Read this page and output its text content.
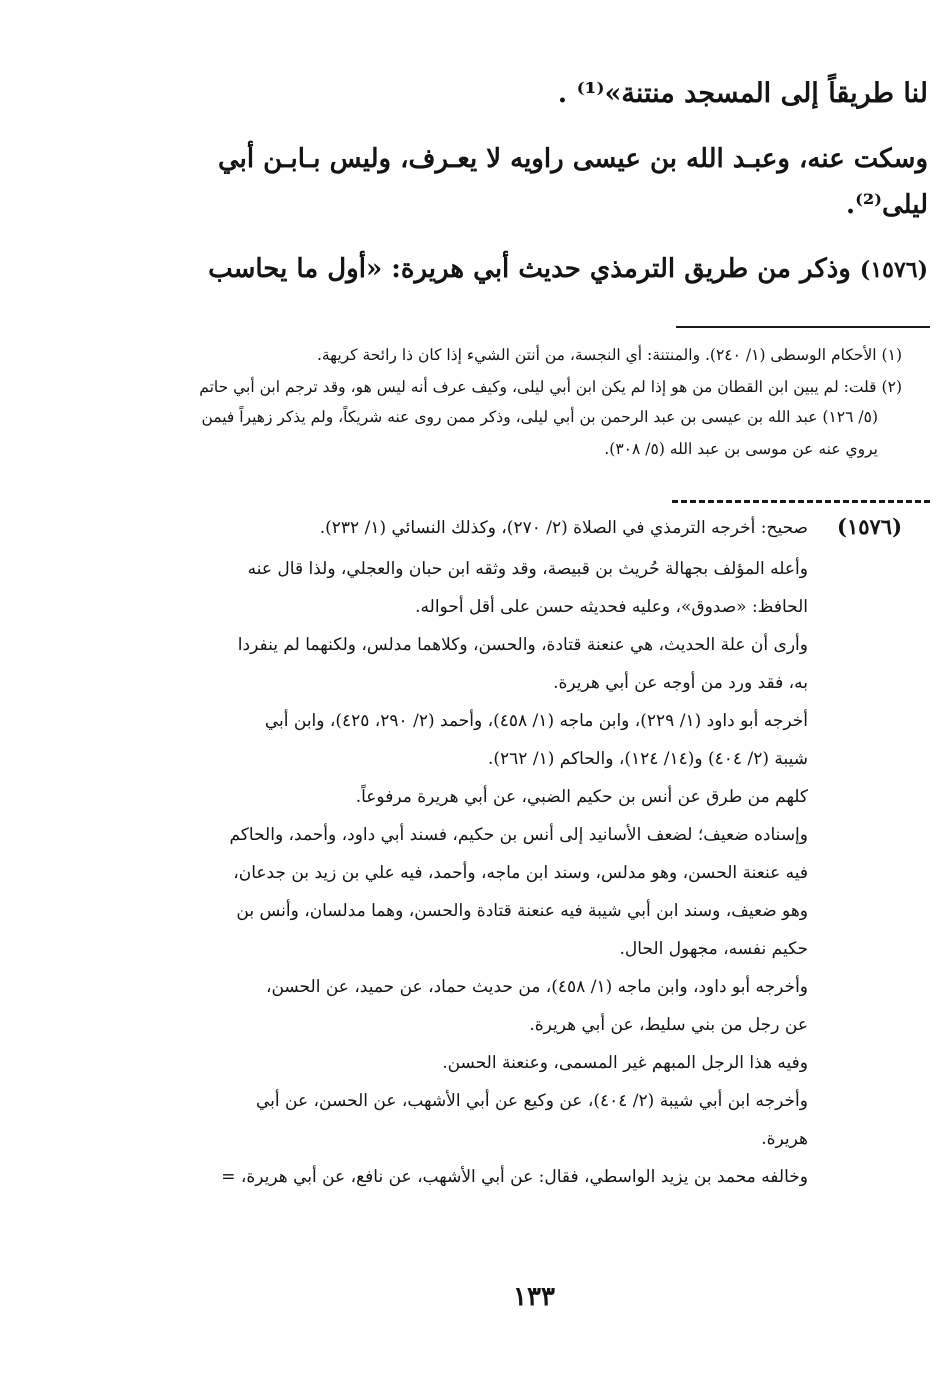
لنا طريقاً إلى المسجد منتنة»⁽¹⁾ .
وسكت عنه، وعبـد الله بن عيسى راويه لا يعـرف، وليس بـابـن أبي
ليلى⁽²⁾.
(١٥٧٦) وذكر من طريق الترمذي حديث أبي هريرة: «أول ما يحاسب
(١) الأحكام الوسطى (١/ ٢٤٠). والمنتنة: أي النجسة، من أنتن الشيء إذا كان ذا رائحة كريهة.
(٢) قلت: لم يبين ابن القطان من هو إذا لم يكن ابن أبي ليلى، وكيف عرف أنه ليس هو، وقد ترجم ابن أبي حاتم
(٥/ ١٢٦) عبد الله بن عيسى بن عبد الرحمن بن أبي ليلى، وذكر ممن روى عنه شريكاً، ولم يذكر زهيراً فيمن
يروي عنه عن موسى بن عبد الله (٥/ ٣٠٨).
(١٥٧٦)
صحيح: أخرجه الترمذي في الصلاة (٢/ ٢٧٠)، وكذلك النسائي (١/ ٢٣٢).
وأعله المؤلف بجهالة حُريث بن قبيصة، وقد وثقه ابن حبان والعجلي، ولذا قال عنه
الحافظ: «صدوق»، وعليه فحديثه حسن على أقل أحواله.
وأرى أن علة الحديث، هي عنعنة قتادة، والحسن، وكلاهما مدلس، ولكنهما لم ينفردا
به، فقد ورد من أوجه عن أبي هريرة.
أخرجه أبو داود (١/ ٢٢٩)، وابن ماجه (١/ ٤٥٨)، وأحمد (٢/ ٢٩٠، ٤٢٥)، وابن أبي
شيبة (٢/ ٤٠٤) و(١٤/ ١٢٤)، والحاكم (١/ ٢٦٢).
كلهم من طرق عن أنس بن حكيم الضبي، عن أبي هريرة مرفوعاً.
وإسناده ضعيف؛ لضعف الأسانيد إلى أنس بن حكيم، فسند أبي داود، وأحمد، والحاكم
فيه عنعنة الحسن، وهو مدلس، وسند ابن ماجه، وأحمد، فيه علي بن زيد بن جدعان،
وهو ضعيف، وسند ابن أبي شيبة فيه عنعنة قتادة والحسن، وهما مدلسان، وأنس بن
حكيم نفسه، مجهول الحال.
وأخرجه أبو داود، وابن ماجه (١/ ٤٥٨)، من حديث حماد، عن حميد، عن الحسن،
عن رجل من بني سليط، عن أبي هريرة.
وفيه هذا الرجل المبهم غير المسمى، وعنعنة الحسن.
وأخرجه ابن أبي شيبة (٢/ ٤٠٤)، عن وكيع عن أبي الأشهب، عن الحسن، عن أبي
هريرة.
وخالفه محمد بن يزيد الواسطي، فقال: عن أبي الأشهب، عن نافع، عن أبي هريرة، =
١٣٣
